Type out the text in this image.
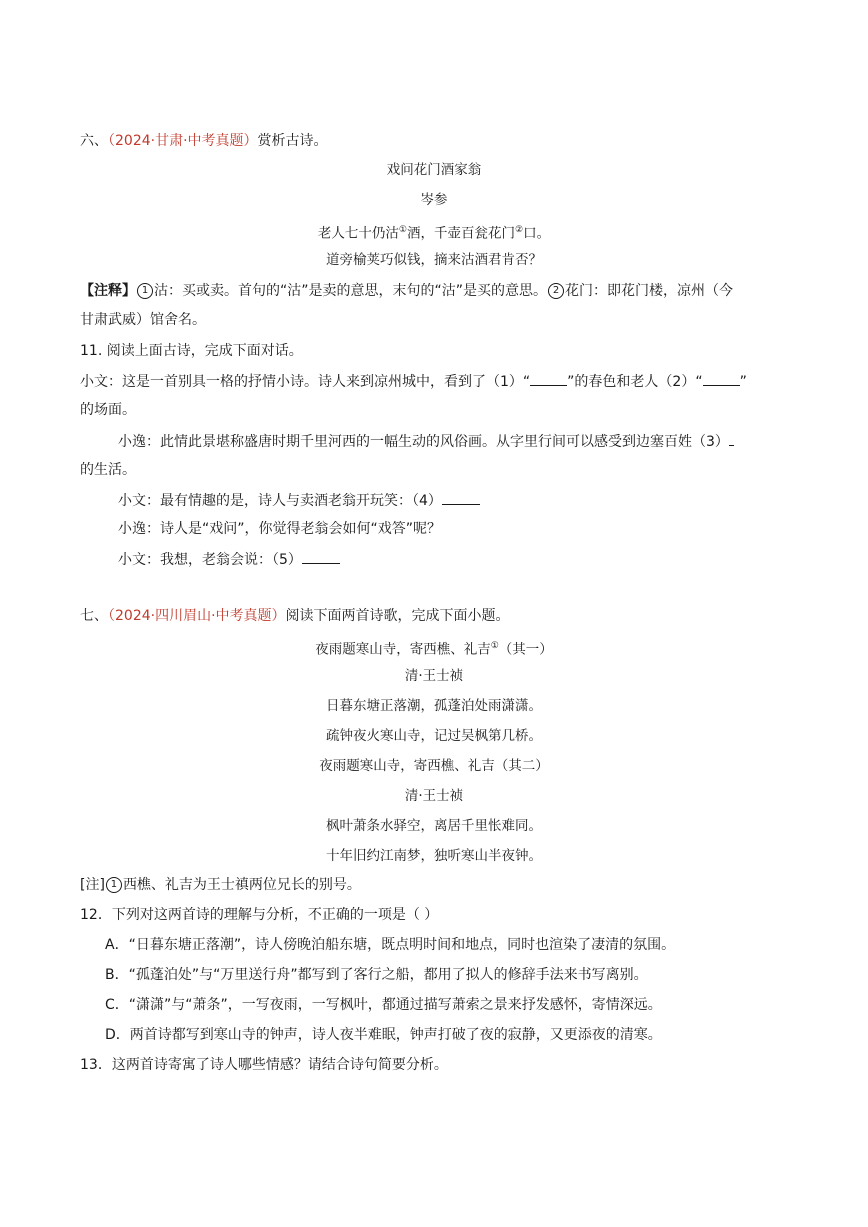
六、（2024·甘肃·中考真题）赏析古诗。
戏问花门酒家翁
岑参
老人七十仍沽①酒，千壶百瓮花门②口。
道旁榆荚巧似钱，摘来沽酒君肯否？
【注释】 1 沽：买或卖。首句的“沽”是卖的意思，末句的“沽”是买的意思。 2 花门：即花门楼，凉州（今
甘肃武威）馆舍名。
11. 阅读上面古诗，完成下面对话。
小文：这是一首别具一格的抒情小诗。诗人来到凉州城中，看到了（1）“	”的春色和老人（2）“	”
的场面。
小逸：此情此景堪称盛唐时期千里河西的一幅生动的风俗画。从字里行间可以感受到边塞百姓（3）
的生活。
小文：最有情趣的是，诗人与卖酒老翁开玩笑：（4）
小逸：诗人是“戏问”，你觉得老翁会如何“戏答”呢？
小文：我想，老翁会说：（5）
七、（2024·四川眉山·中考真题）阅读下面两首诗歌，完成下面小题。
夜雨题寒山寺，寄西樵、礼吉①（其一）
清·王士祯
日暮东塘正落潮，孤蓬泊处雨潇潇。
疏钟夜火寒山寺，记过吴枫第几桥。
夜雨题寒山寺，寄西樵、礼吉（其二）
清·王士祯
枫叶萧条水驿空，离居千里怅难同。
十年旧约江南梦，独听寒山半夜钟。
[注] 1 西樵、礼吉为王士禛两位兄长的别号。
12．下列对这两首诗的理解与分析，不正确的一项是（ ）
A．“日暮东塘正落潮”，诗人傍晚泊船东塘，既点明时间和地点，同时也渲染了凄清的氛围。
B．“孤蓬泊处”与“万里送行舟”都写到了客行之船，都用了拟人的修辞手法来书写离别。
C．“潇潇”与“萧条”，一写夜雨，一写枫叶，都通过描写萧索之景来抒发感怀，寄情深远。
D．两首诗都写到寒山寺的钟声，诗人夜半难眠，钟声打破了夜的寂静，又更添夜的清寒。
13．这两首诗寄寓了诗人哪些情感？请结合诗句简要分析。
